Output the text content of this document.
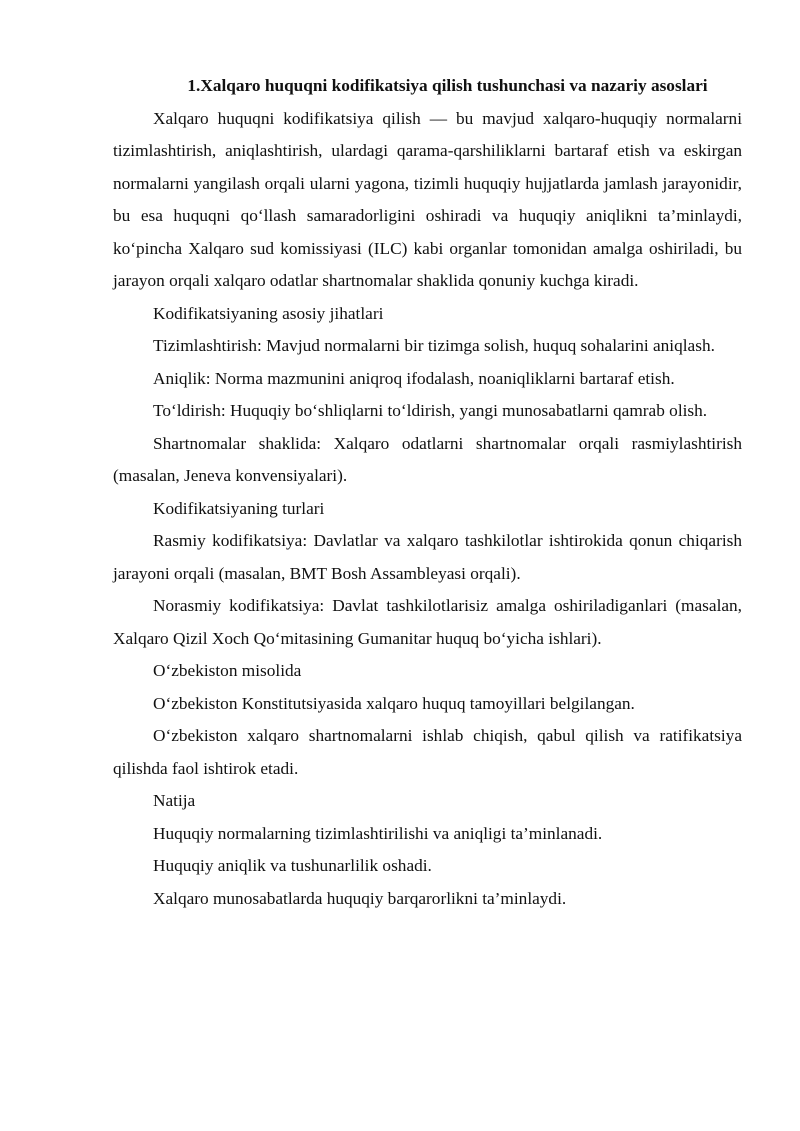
1.Xalqaro huquqni kodifikatsiya qilish tushunchasi va nazariy asoslari

Xalqaro huquqni kodifikatsiya qilish — bu mavjud xalqaro-huquqiy normalarni tizimlashtirish, aniqlashtirish, ulardagi qarama-qarshiliklarni bartaraf etish va eskirgan normalarni yangilash orqali ularni yagona, tizimli huquqiy hujjatlarda jamlash jarayonidir, bu esa huquqni qo‘llash samaradorligini oshiradi va huquqiy aniqlikni ta’minlaydi, ko‘pincha Xalqaro sud komissiyasi (ILC) kabi organlar tomonidan amalga oshiriladi, bu jarayon orqali xalqaro odatlar shartnomalar shaklida qonuniy kuchga kiradi.

Kodifikatsiyaning asosiy jihatlari

Tizimlashtirish: Mavjud normalarni bir tizimga solish, huquq sohalarini aniqlash.

Aniqlik: Norma mazmunini aniqroq ifodalash, noaniqliklarni bartaraf etish.

To‘ldirish: Huquqiy bo‘shliqlarni to‘ldirish, yangi munosabatlarni qamrab olish.

Shartnomalar shaklida: Xalqaro odatlarni shartnomalar orqali rasmiylashtirish (masalan, Jeneva konvensiyalari).

Kodifikatsiyaning turlari

Rasmiy kodifikatsiya: Davlatlar va xalqaro tashkilotlar ishtirokida qonun chiqarish jarayoni orqali (masalan, BMT Bosh Assambleyasi orqali).

Norasmiy kodifikatsiya: Davlat tashkilotlarisiz amalga oshiriladiganlari (masalan, Xalqaro Qizil Xoch Qo‘mitasining Gumanitar huquq bo‘yicha ishlari).

O‘zbekiston misolida

O‘zbekiston Konstitutsiyasida xalqaro huquq tamoyillari belgilangan.

O‘zbekiston xalqaro shartnomalarni ishlab chiqish, qabul qilish va ratifikatsiya qilishda faol ishtirok etadi.

Natija

Huquqiy normalarning tizimlashtirilishi va aniqligi ta’minlanadi.

Huquqiy aniqlik va tushunarlilik oshadi.

Xalqaro munosabatlarda huquqiy barqarorlikni ta’minlaydi.
